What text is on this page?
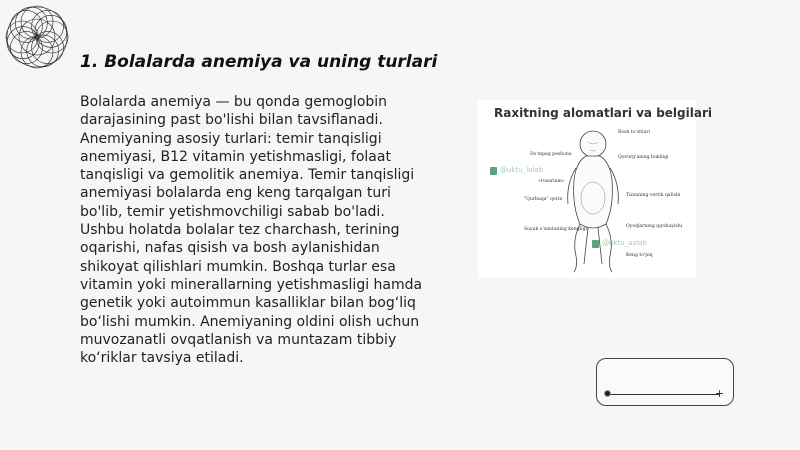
1. Bolalarda anemiya va uning turlari

Bolalarda anemiya — bu qonda gemoglobin darajasining past bo'lishi bilan tavsiflanadi. Anemiyaning asosiy turlari: temir tanqisligi anemiyasi, B12 vitamin yetishmasligi, folaat tanqisligi va gemolitik anemiya. Temir tanqisligi anemiyasi bolalarda eng keng tarqalgan turi bo'lib, temir yetishmovchiligi sabab bo'ladi. Ushbu holatda bolalar tez charchash, terining oqarishi, nafas qisish va bosh aylanishidan shikoyat qilishlari mumkin. Boshqa turlar esa vitamin yoki minerallarning yetishmasligi hamda genetik yoki autoimmun kasalliklar bilan bog‘liq bo‘lishi mumkin. Anemiyaning oldini olish uchun muvozanatli ovqatlanish va muntazam tibbiy ko‘riklar tavsiya etiladi.

Raxitning alomatlari va belgilari
Bosh to'shlari
Do'mpaq peshona
Qovurg'aning bukiligi
«rosarium»
Tizzaning vertik qalishi
"Qurbaqa" qorin
Oyoqlarning qiyshayishi
Suyak o'simtaning kengligi
Keng to'piq
@uktu_lolab
@uktu_uzlab
+
